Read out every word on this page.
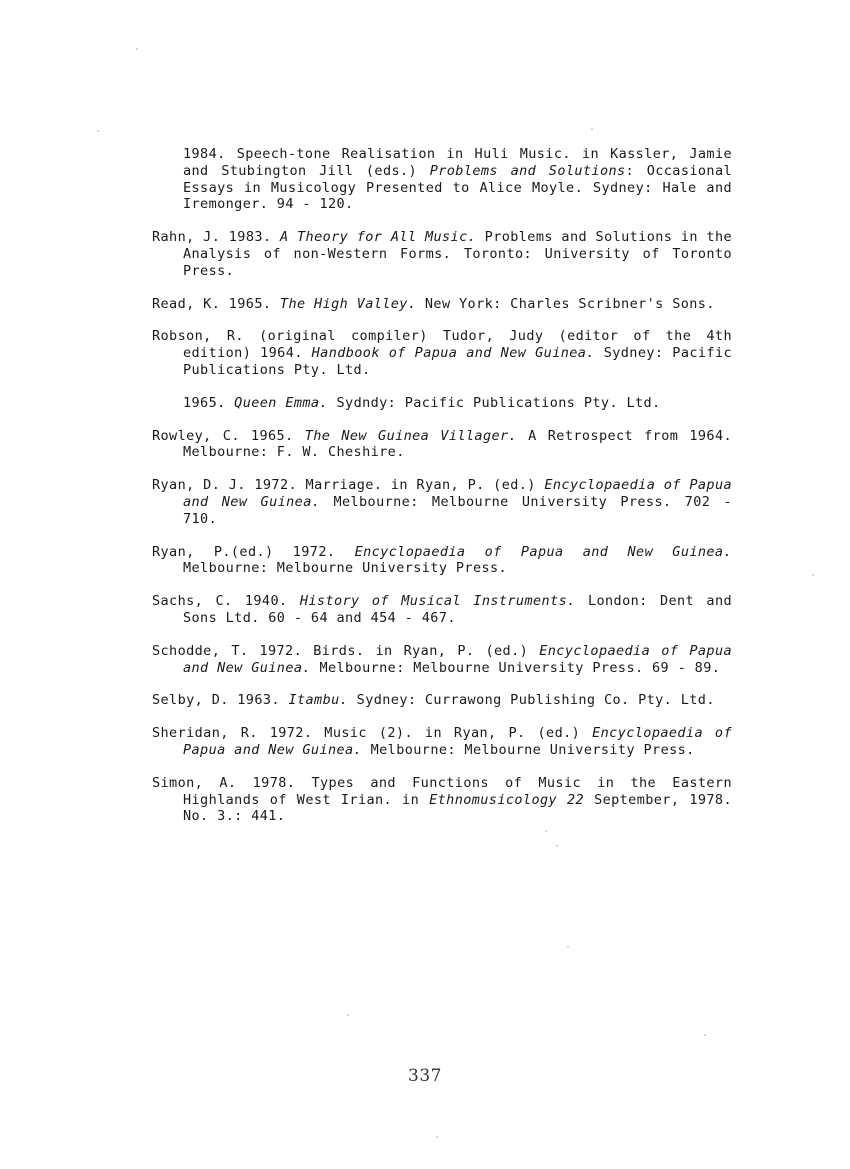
1984. Speech-tone Realisation in Huli Music. in Kassler, Jamie and Stubington Jill (eds.) Problems and Solutions: Occasional Essays in Musicology Presented to Alice Moyle. Sydney: Hale and Iremonger. 94 - 120.

Rahn, J. 1983. A Theory for All Music. Problems and Solutions in the Analysis of non-Western Forms. Toronto: University of Toronto Press.

Read, K. 1965. The High Valley. New York: Charles Scribner's Sons.

Robson, R. (original compiler) Tudor, Judy (editor of the 4th edition) 1964. Handbook of Papua and New Guinea. Sydney: Pacific Publications Pty. Ltd.

1965. Queen Emma. Sydndy: Pacific Publications Pty. Ltd.

Rowley, C. 1965. The New Guinea Villager. A Retrospect from 1964. Melbourne: F. W. Cheshire.

Ryan, D. J. 1972. Marriage. in Ryan, P. (ed.) Encyclopaedia of Papua and New Guinea. Melbourne: Melbourne University Press. 702 - 710.

Ryan, P.(ed.) 1972. Encyclopaedia of Papua and New Guinea. Melbourne: Melbourne University Press.

Sachs, C. 1940. History of Musical Instruments. London: Dent and Sons Ltd. 60 - 64 and 454 - 467.

Schodde, T. 1972. Birds. in Ryan, P. (ed.) Encyclopaedia of Papua and New Guinea. Melbourne: Melbourne University Press. 69 - 89.

Selby, D. 1963. Itambu. Sydney: Currawong Publishing Co. Pty. Ltd.

Sheridan, R. 1972. Music (2). in Ryan, P. (ed.) Encyclopaedia of Papua and New Guinea. Melbourne: Melbourne University Press.

Simon, A. 1978. Types and Functions of Music in the Eastern Highlands of West Irian. in Ethnomusicology 22 September, 1978. No. 3.: 441.

337
